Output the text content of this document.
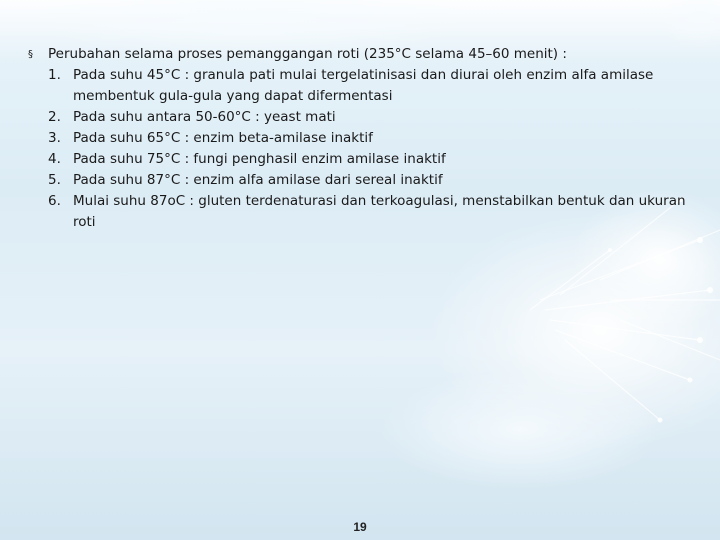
§	Perubahan selama proses pemanggangan roti (235°C selama 45–60 menit) :
1. Pada suhu 45°C : granula pati mulai tergelatinisasi dan diurai oleh enzim alfa amilase membentuk gula-gula yang dapat difermentasi
2. Pada suhu antara 50-60°C : yeast mati
3. Pada suhu 65°C : enzim beta-amilase inaktif
4. Pada suhu 75°C : fungi penghasil enzim amilase inaktif
5. Pada suhu 87°C : enzim alfa amilase dari sereal inaktif
6. Mulai suhu 87oC : gluten terdenaturasi dan terkoagulasi, menstabilkan bentuk dan ukuran roti
19
